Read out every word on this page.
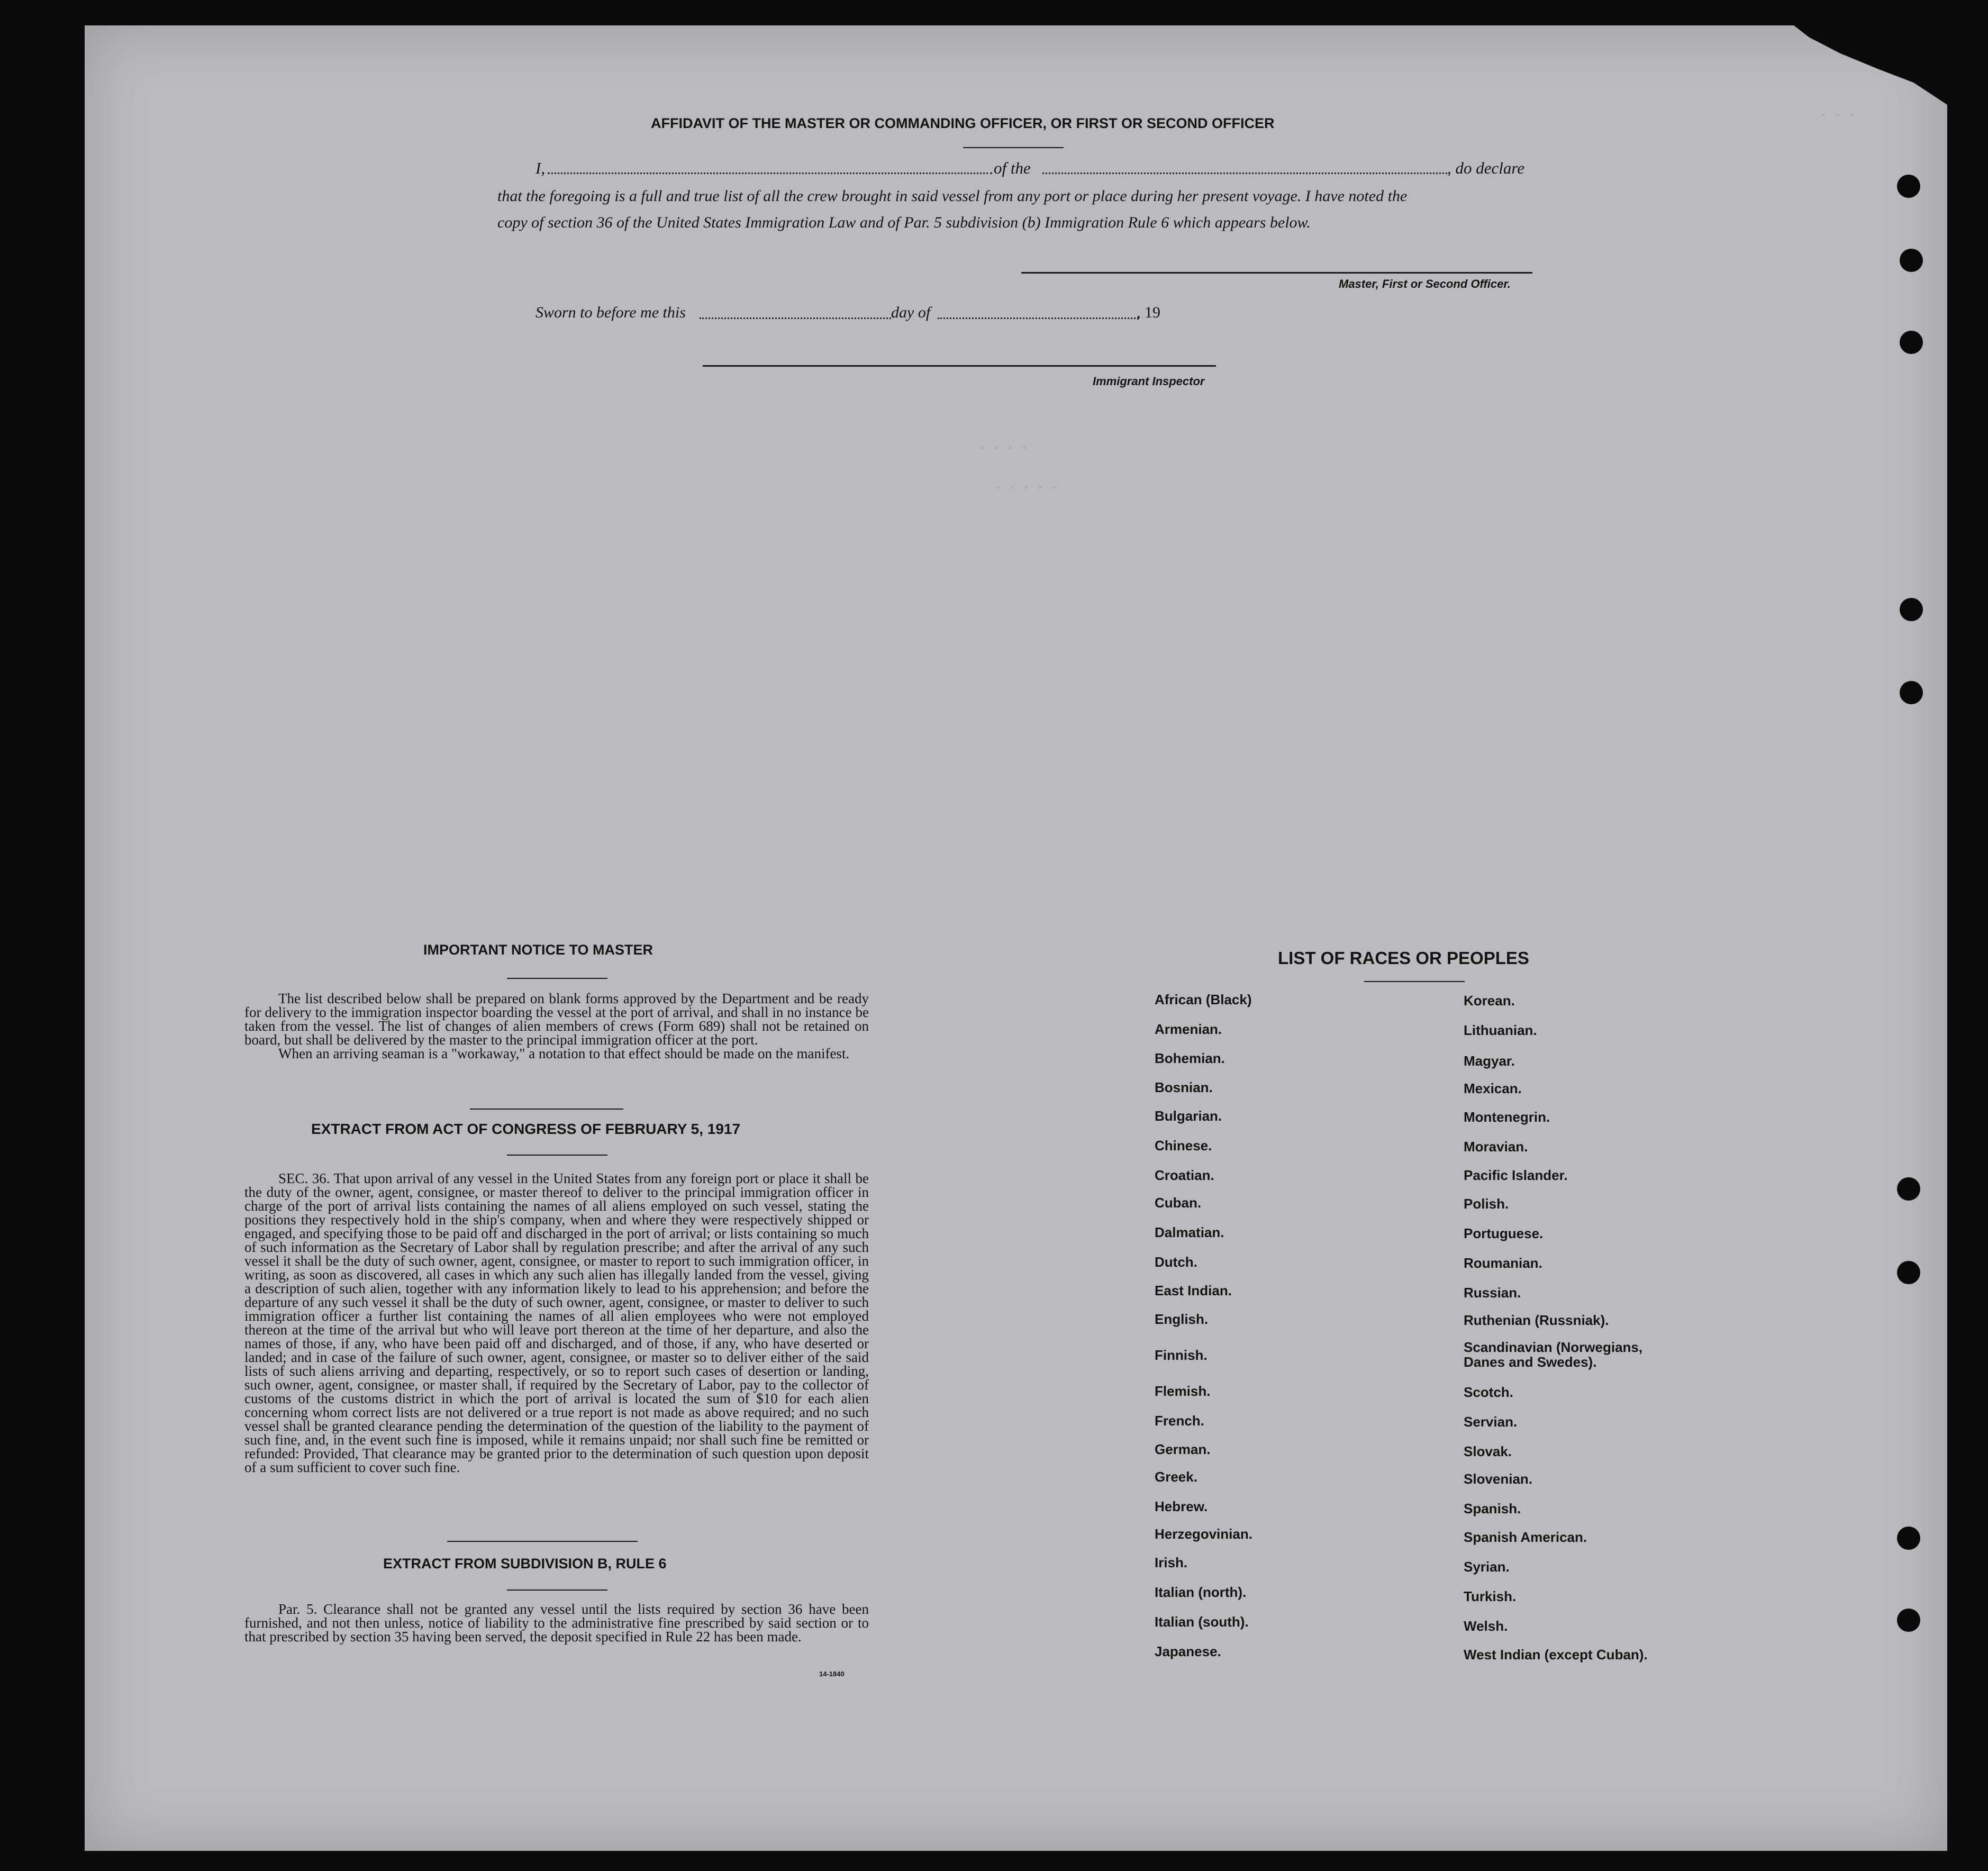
. . .
. . . .
. . . . .
AFFIDAVIT OF THE MASTER OR COMMANDING OFFICER, OR FIRST OR SECOND OFFICER
I,	of the	, do declare
that the foregoing is a full and true list of all the crew brought in said vessel from any port or place during her present voyage. I have noted the
copy of section 36 of the United States Immigration Law and of Par. 5 subdivision (b) Immigration Rule 6 which appears below.
Master, First or Second Officer.
Sworn to before me this	day of	, 19
Immigrant Inspector
IMPORTANT NOTICE TO MASTER

The list described below shall be prepared on blank forms approved by the Department and be ready for delivery to the immigration inspector boarding the vessel at the port of arrival, and shall in no instance be taken from the vessel. The list of changes of alien members of crews (Form 689) shall not be retained on board, but shall be delivered by the master to the principal immigration officer at the port.

When an arriving seaman is a "workaway," a notation to that effect should be made on the manifest.

EXTRACT FROM ACT OF CONGRESS OF FEBRUARY 5, 1917

SEC. 36. That upon arrival of any vessel in the United States from any foreign port or place it shall be the duty of the owner, agent, consignee, or master thereof to deliver to the principal immigration officer in charge of the port of arrival lists containing the names of all aliens employed on such vessel, stating the positions they respectively hold in the ship's company, when and where they were respectively shipped or engaged, and specifying those to be paid off and discharged in the port of arrival; or lists containing so much of such information as the Secretary of Labor shall by regulation prescribe; and after the arrival of any such vessel it shall be the duty of such owner, agent, consignee, or master to report to such immigration officer, in writing, as soon as discovered, all cases in which any such alien has illegally landed from the vessel, giving a description of such alien, together with any information likely to lead to his apprehension; and before the departure of any such vessel it shall be the duty of such owner, agent, consignee, or master to deliver to such immigration officer a further list containing the names of all alien employees who were not employed thereon at the time of the arrival but who will leave port thereon at the time of her departure, and also the names of those, if any, who have been paid off and discharged, and of those, if any, who have deserted or landed; and in case of the failure of such owner, agent, consignee, or master so to deliver either of the said lists of such aliens arriving and departing, respectively, or so to report such cases of desertion or landing, such owner, agent, consignee, or master shall, if required by the Secretary of Labor, pay to the collector of customs of the customs district in which the port of arrival is located the sum of $10 for each alien concerning whom correct lists are not delivered or a true report is not made as above required; and no such vessel shall be granted clearance pending the determination of the question of the liability to the payment of such fine, and, in the event such fine is imposed, while it remains unpaid; nor shall such fine be remitted or refunded: Provided, That clearance may be granted prior to the determination of such question upon deposit of a sum sufficient to cover such fine.

EXTRACT FROM SUBDIVISION B, RULE 6

Par. 5. Clearance shall not be granted any vessel until the lists required by section 36 have been furnished, and not then unless, notice of liability to the administrative fine prescribed by said section or to that prescribed by section 35 having been served, the deposit specified in Rule 22 has been made.

14-1840
LIST OF RACES OR PEOPLES
African (Black)
Armenian.
Bohemian.
Bosnian.
Bulgarian.
Chinese.
Croatian.
Cuban.
Dalmatian.
Dutch.
East Indian.
English.
Finnish.
Flemish.
French.
German.
Greek.
Hebrew.
Herzegovinian.
Irish.
Italian (north).
Italian (south).
Japanese.
Korean.
Lithuanian.
Magyar.
Mexican.
Montenegrin.
Moravian.
Pacific Islander.
Polish.
Portuguese.
Roumanian.
Russian.
Ruthenian (Russniak).
Scandinavian (Norwegians, Danes and Swedes).
Scotch.
Servian.
Slovak.
Slovenian.
Spanish.
Spanish American.
Syrian.
Turkish.
Welsh.
West Indian (except Cuban).
